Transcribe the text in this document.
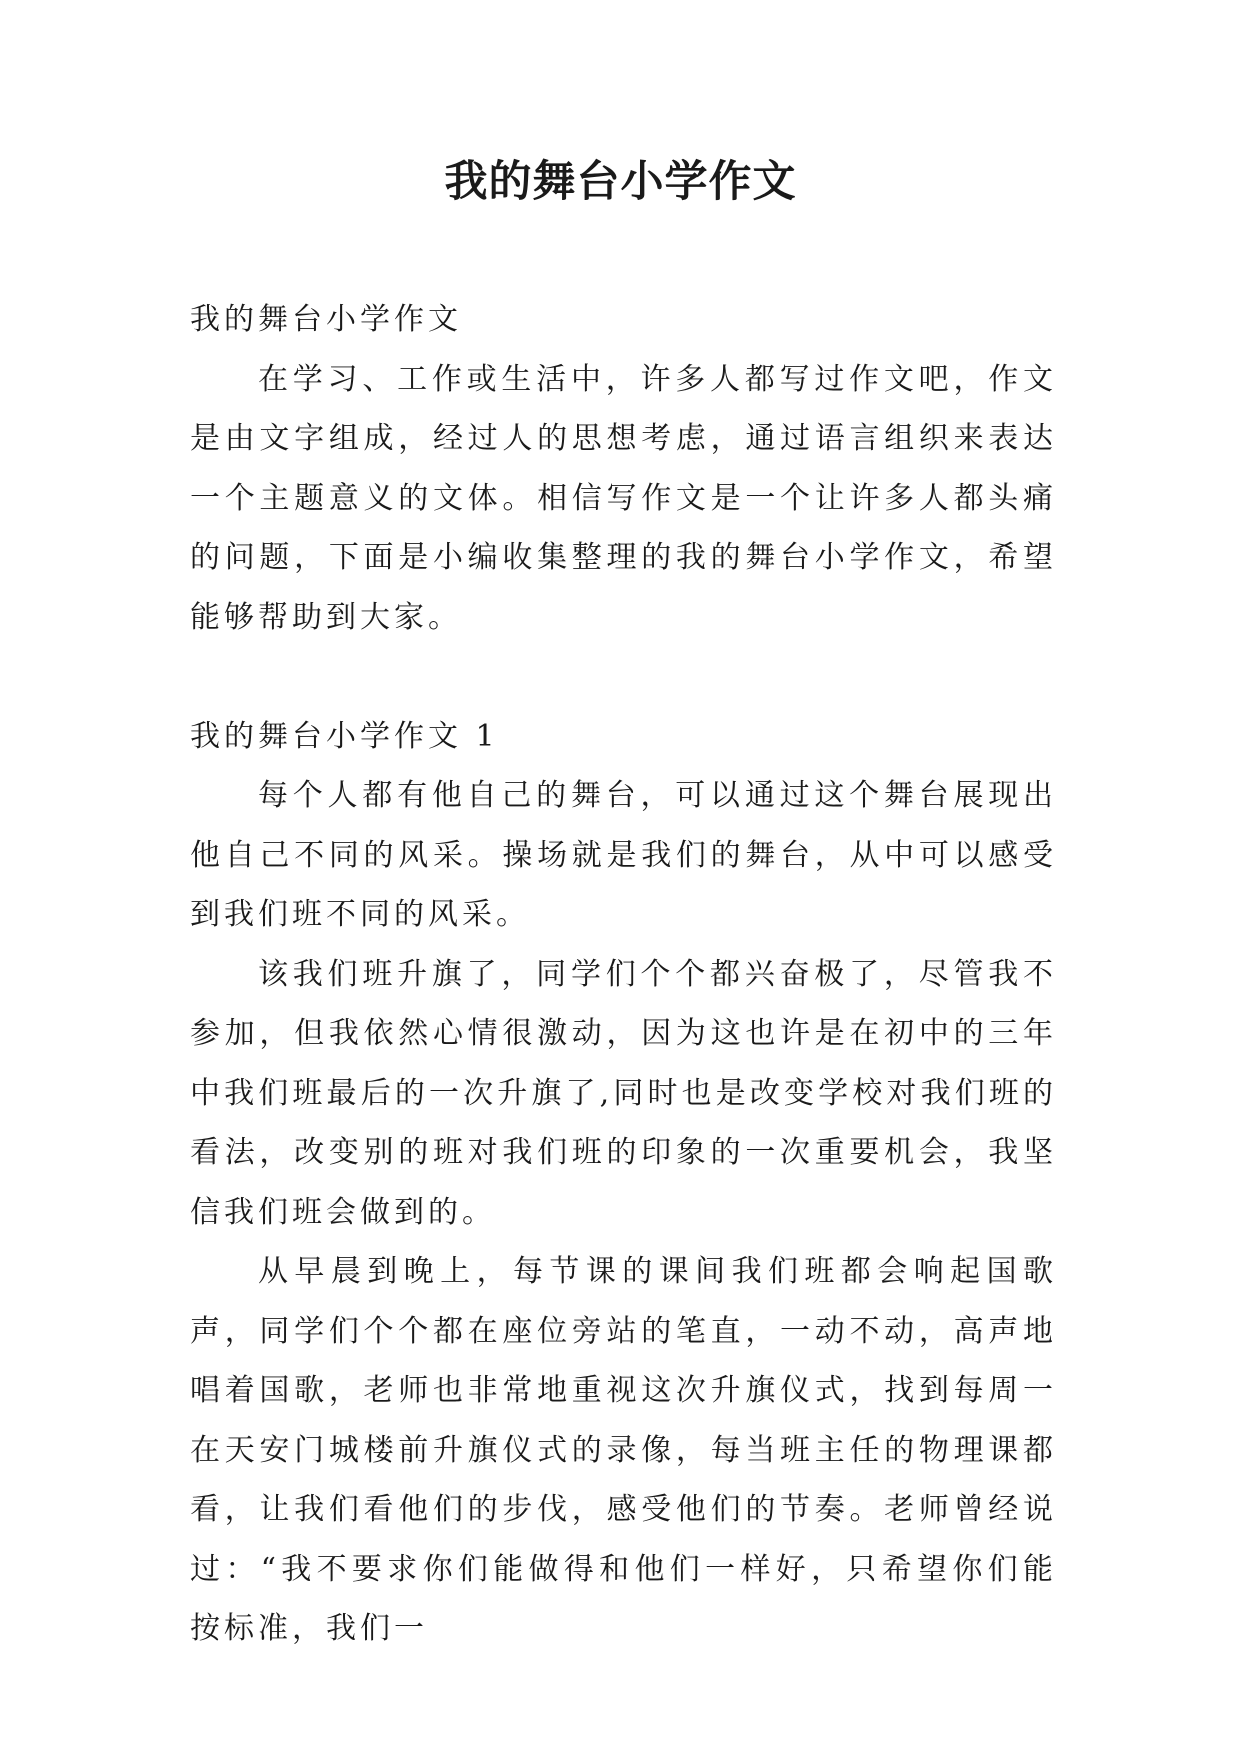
我的舞台小学作文

我的舞台小学作文

在学习、工作或生活中，许多人都写过作文吧，作文是由文字组成，经过人的思想考虑，通过语言组织来表达一个主题意义的文体。相信写作文是一个让许多人都头痛的问题，下面是小编收集整理的我的舞台小学作文，希望能够帮助到大家。

我的舞台小学作文 1

每个人都有他自己的舞台，可以通过这个舞台展现出他自己不同的风采。操场就是我们的舞台，从中可以感受到我们班不同的风采。

该我们班升旗了，同学们个个都兴奋极了，尽管我不参加，但我依然心情很激动，因为这也许是在初中的三年中我们班最后的一次升旗了,同时也是改变学校对我们班的看法，改变别的班对我们班的印象的一次重要机会，我坚信我们班会做到的。

从早晨到晚上，每节课的课间我们班都会响起国歌声，同学们个个都在座位旁站的笔直，一动不动，高声地唱着国歌，老师也非常地重视这次升旗仪式，找到每周一在天安门城楼前升旗仪式的录像，每当班主任的物理课都看，让我们看他们的步伐，感受他们的节奏。老师曾经说过：“我不要求你们能做得和他们一样好，只希望你们能按标准，我们一
